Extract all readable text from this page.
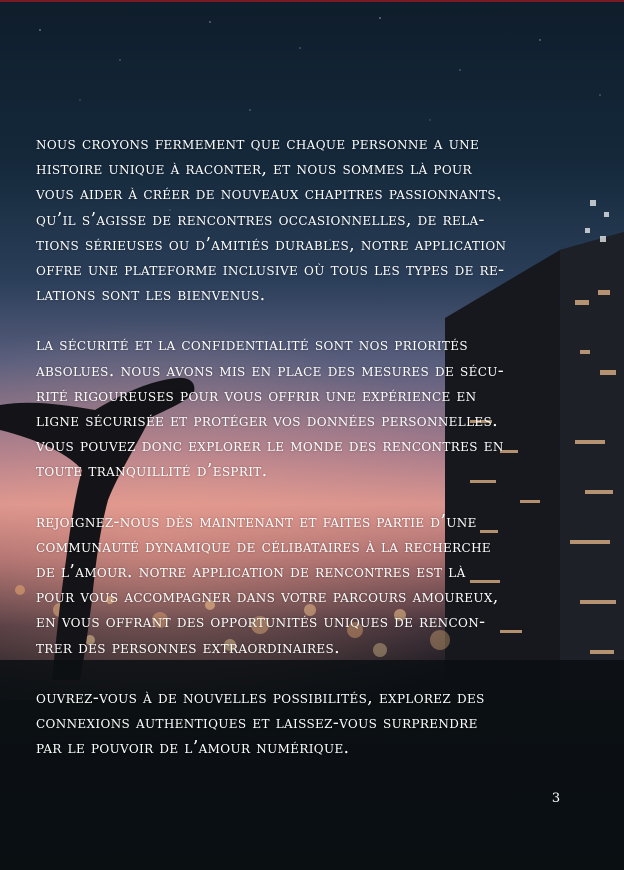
nous croyons fermement que chaque personne a une
histoire unique à raconter, et nous sommes là pour
vous aider à créer de nouveaux chapitres passionnants.
qu’il s’agisse de rencontres occasionnelles, de rela-
tions sérieuses ou d’amitiés durables, notre application
offre une plateforme inclusive où tous les types de re-
lations sont les bienvenus.
la sécurité et la confidentialité sont nos priorités
absolues. nous avons mis en place des mesures de sécu-
rité rigoureuses pour vous offrir une expérience en
ligne sécurisée et protéger vos données personnelles.
vous pouvez donc explorer le monde des rencontres en
toute tranquillité d’esprit.
rejoignez-nous dès maintenant et faites partie d’une
communauté dynamique de célibataires à la recherche
de l’amour. notre application de rencontres est là
pour vous accompagner dans votre parcours amoureux,
en vous offrant des opportunités uniques de rencon-
trer des personnes extraordinaires.
ouvrez-vous à de nouvelles possibilités, explorez des
connexions authentiques et laissez-vous surprendre
par le pouvoir de l’amour numérique.
3
